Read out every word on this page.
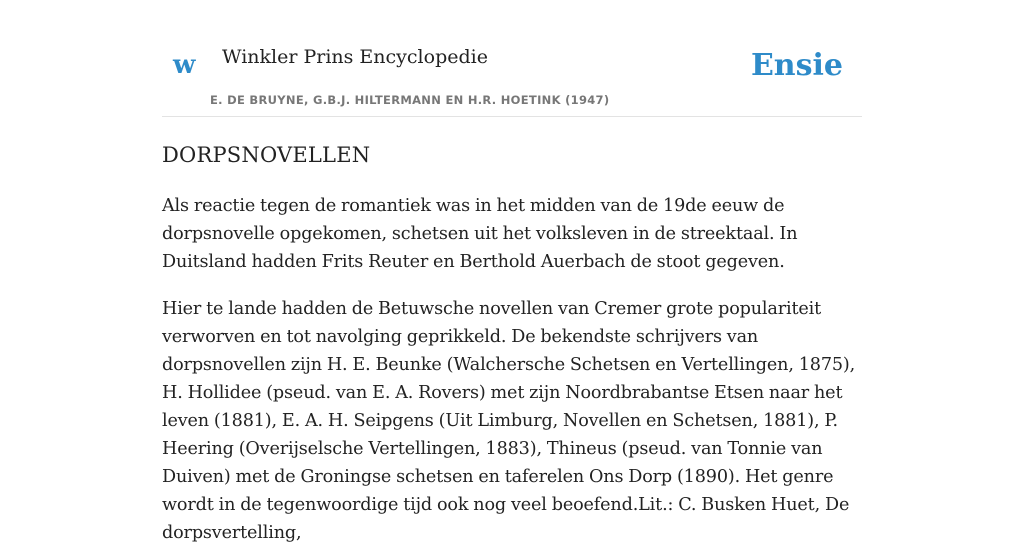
w Winkler Prins Encyclopedie
E. DE BRUYNE, G.B.J. HILTERMANN EN H.R. HOETINK (1947)
Ensie
DORPSNOVELLEN

Als reactie tegen de romantiek was in het midden van de 19de eeuw de dorpsnovelle opgekomen, schetsen uit het volksleven in de streektaal. In Duitsland hadden Frits Reuter en Berthold Auerbach de stoot gegeven.

Hier te lande hadden de Betuwsche novellen van Cremer grote populariteit verworven en tot navolging geprikkeld. De bekendste schrijvers van dorpsnovellen zijn H. E. Beunke (Walchersche Schetsen en Vertellingen, 1875), H. Hollidee (pseud. van E. A. Rovers) met zijn Noordbrabantse Etsen naar het leven (1881), E. A. H. Seipgens (Uit Limburg, Novellen en Schetsen, 1881), P. Heering (Overijselsche Vertellingen, 1883), Thineus (pseud. van Tonnie van Duiven) met de Groningse schetsen en taferelen Ons Dorp (1890). Het genre wordt in de tegenwoordige tijd ook nog veel beoefend.Lit.: C. Busken Huet, De dorpsvertelling,
